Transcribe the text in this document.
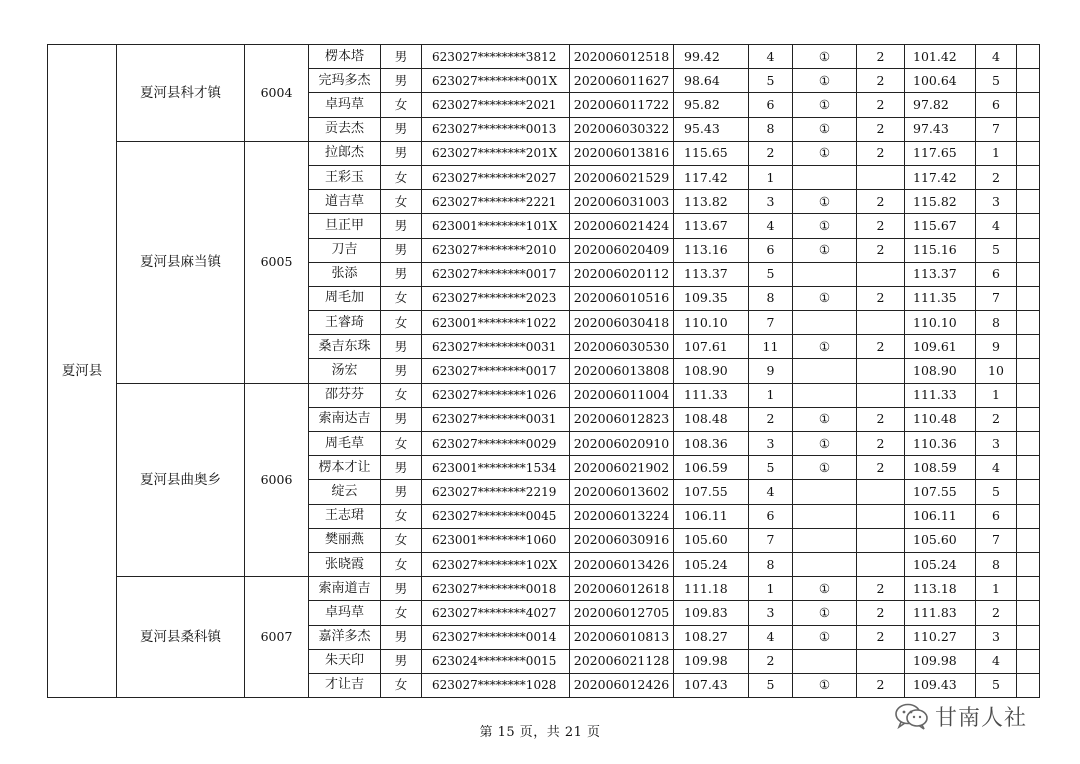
夏河县	夏河县科才镇	6004	楞本塔	男	623027********3812	202006012518	99.42	4	①	2	101.42	4	
			完玛多杰	男	623027********001X	202006011627	98.64	5	①	2	100.64	5	
			卓玛草	女	623027********2021	202006011722	95.82	6	①	2	97.82	6	
			贡去杰	男	623027********0013	202006030322	95.43	8	①	2	97.43	7	
	夏河县麻当镇	6005	拉郎杰	男	623027********201X	202006013816	115.65	2	①	2	117.65	1	
			王彩玉	女	623027********2027	202006021529	117.42	1			117.42	2	
			道吉草	女	623027********2221	202006031003	113.82	3	①	2	115.82	3	
			旦正甲	男	623001********101X	202006021424	113.67	4	①	2	115.67	4	
			刀吉	男	623027********2010	202006020409	113.16	6	①	2	115.16	5	
			张添	男	623027********0017	202006020112	113.37	5			113.37	6	
			周毛加	女	623027********2023	202006010516	109.35	8	①	2	111.35	7	
			王睿琦	女	623001********1022	202006030418	110.10	7			110.10	8	
			桑吉东珠	男	623027********0031	202006030530	107.61	11	①	2	109.61	9	
			汤宏	男	623027********0017	202006013808	108.90	9			108.90	10	
	夏河县曲奥乡	6006	邵芬芬	女	623027********1026	202006011004	111.33	1			111.33	1	
			索南达吉	男	623027********0031	202006012823	108.48	2	①	2	110.48	2	
			周毛草	女	623027********0029	202006020910	108.36	3	①	2	110.36	3	
			楞本才让	男	623001********1534	202006021902	106.59	5	①	2	108.59	4	
			绽云	男	623027********2219	202006013602	107.55	4			107.55	5	
			王志珺	女	623027********0045	202006013224	106.11	6			106.11	6	
			樊丽燕	女	623001********1060	202006030916	105.60	7			105.60	7	
			张晓霞	女	623027********102X	202006013426	105.24	8			105.24	8	
	夏河县桑科镇	6007	索南道吉	男	623027********0018	202006012618	111.18	1	①	2	113.18	1	
			卓玛草	女	623027********4027	202006012705	109.83	3	①	2	111.83	2	
			嘉洋多杰	男	623027********0014	202006010813	108.27	4	①	2	110.27	3	
			朱天印	男	623024********0015	202006021128	109.98	2			109.98	4	
			才让吉	女	623027********1028	202006012426	107.43	5	①	2	109.43	5	
第 15 页，共 21 页
甘南人社
